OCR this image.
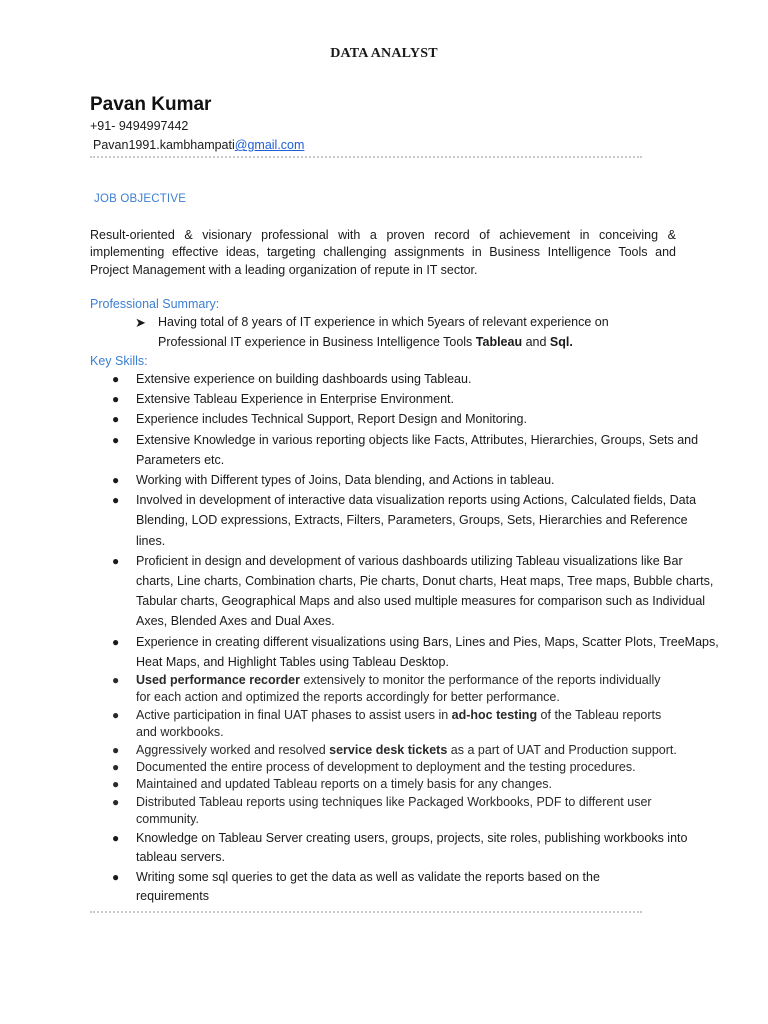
DATA ANALYST
Pavan Kumar
+91- 9494997442
Pavan1991.kambhampati@gmail.com
JOB OBJECTIVE
Result-oriented & visionary professional with a proven record of achievement in conceiving & implementing effective ideas, targeting challenging assignments in Business Intelligence Tools and Project Management with a leading organization of repute in IT sector.
Professional Summary:
➤ Having total of 8 years of IT experience in which 5years of relevant experience on
Professional IT experience in Business Intelligence Tools Tableau and Sql.
Key Skills:
● Extensive experience on building dashboards using Tableau.
● Extensive Tableau Experience in Enterprise Environment.
● Experience includes Technical Support, Report Design and Monitoring.
● Extensive Knowledge in various reporting objects like Facts, Attributes, Hierarchies, Groups, Sets and Parameters etc.
● Working with Different types of Joins, Data blending, and Actions in tableau.
● Involved in development of interactive data visualization reports using Actions, Calculated fields, Data Blending, LOD expressions, Extracts, Filters, Parameters, Groups, Sets, Hierarchies and Reference lines.
● Proficient in design and development of various dashboards utilizing Tableau visualizations like Bar charts, Line charts, Combination charts, Pie charts, Donut charts, Heat maps, Tree maps, Bubble charts, Tabular charts, Geographical Maps and also used multiple measures for comparison such as Individual Axes, Blended Axes and Dual Axes.
● Experience in creating different visualizations using Bars, Lines and Pies, Maps, Scatter Plots, TreeMaps, Heat Maps, and Highlight Tables using Tableau Desktop.
● Used performance recorder extensively to monitor the performance of the reports individually for each action and optimized the reports accordingly for better performance.
● Active participation in final UAT phases to assist users in ad-hoc testing of the Tableau reports and workbooks.
● Aggressively worked and resolved service desk tickets as a part of UAT and Production support.
● Documented the entire process of development to deployment and the testing procedures.
● Maintained and updated Tableau reports on a timely basis for any changes.
● Distributed Tableau reports using techniques like Packaged Workbooks, PDF to different user community.
● Knowledge on Tableau Server creating users, groups, projects, site roles, publishing workbooks into tableau servers.
● Writing some sql queries to get the data as well as validate the reports based on the requirements
